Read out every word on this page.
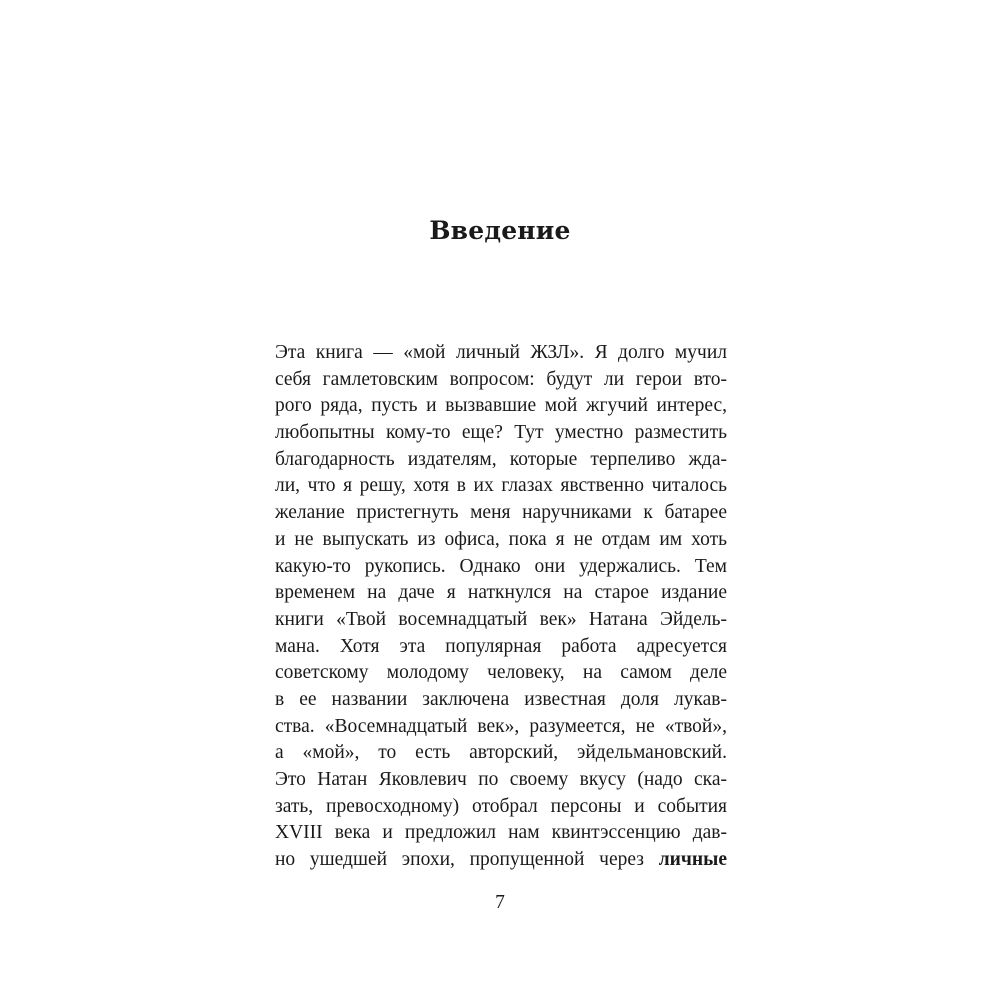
Введение
Эта книга — «мой личный ЖЗЛ». Я долго мучил
себя гамлетовским вопросом: будут ли герои вто-
рого ряда, пусть и вызвавшие мой жгучий интерес,
любопытны кому-то еще? Тут уместно разместить
благодарность издателям, которые терпеливо жда-
ли, что я решу, хотя в их глазах явственно читалось
желание пристегнуть меня наручниками к батарее
и не выпускать из офиса, пока я не отдам им хоть
какую-то рукопись. Однако они удержались. Тем
временем на даче я наткнулся на старое издание
книги «Твой восемнадцатый век» Натана Эйдель-
мана. Хотя эта популярная работа адресуется
советскому молодому человеку, на самом деле
в ее названии заключена известная доля лукав-
ства. «Восемнадцатый век», разумеется, не «твой»,
а «мой», то есть авторский, эйдельмановский.
Это Натан Яковлевич по своему вкусу (надо ска-
зать, превосходному) отобрал персоны и события
XVIII века и предложил нам квинтэссенцию дав-
но ушедшей эпохи, пропущенной через личные
7
